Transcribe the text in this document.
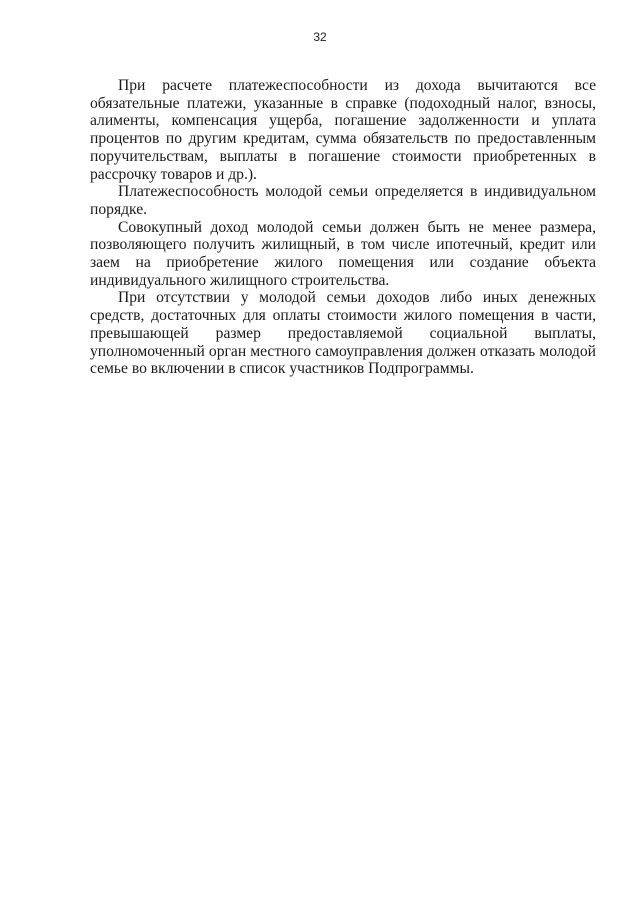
32

При расчете платежеспособности из дохода вычитаются все обязательные платежи, указанные в справке (подоходный налог, взносы, алименты, компенсация ущерба, погашение задолженности и уплата процентов по другим кредитам, сумма обязательств по предоставленным поручительствам, выплаты в погашение стоимости приобретенных в рассрочку товаров и др.).

Платежеспособность молодой семьи определяется в индивидуальном порядке.

Совокупный доход молодой семьи должен быть не менее размера, позволяющего получить жилищный, в том числе ипотечный, кредит или заем на приобретение жилого помещения или создание объекта индивидуального жилищного строительства.

При отсутствии у молодой семьи доходов либо иных денежных средств, достаточных для оплаты стоимости жилого помещения в части, превышающей размер предоставляемой социальной выплаты, уполномоченный орган местного самоуправления должен отказать молодой семье во включении в список участников Подпрограммы.
